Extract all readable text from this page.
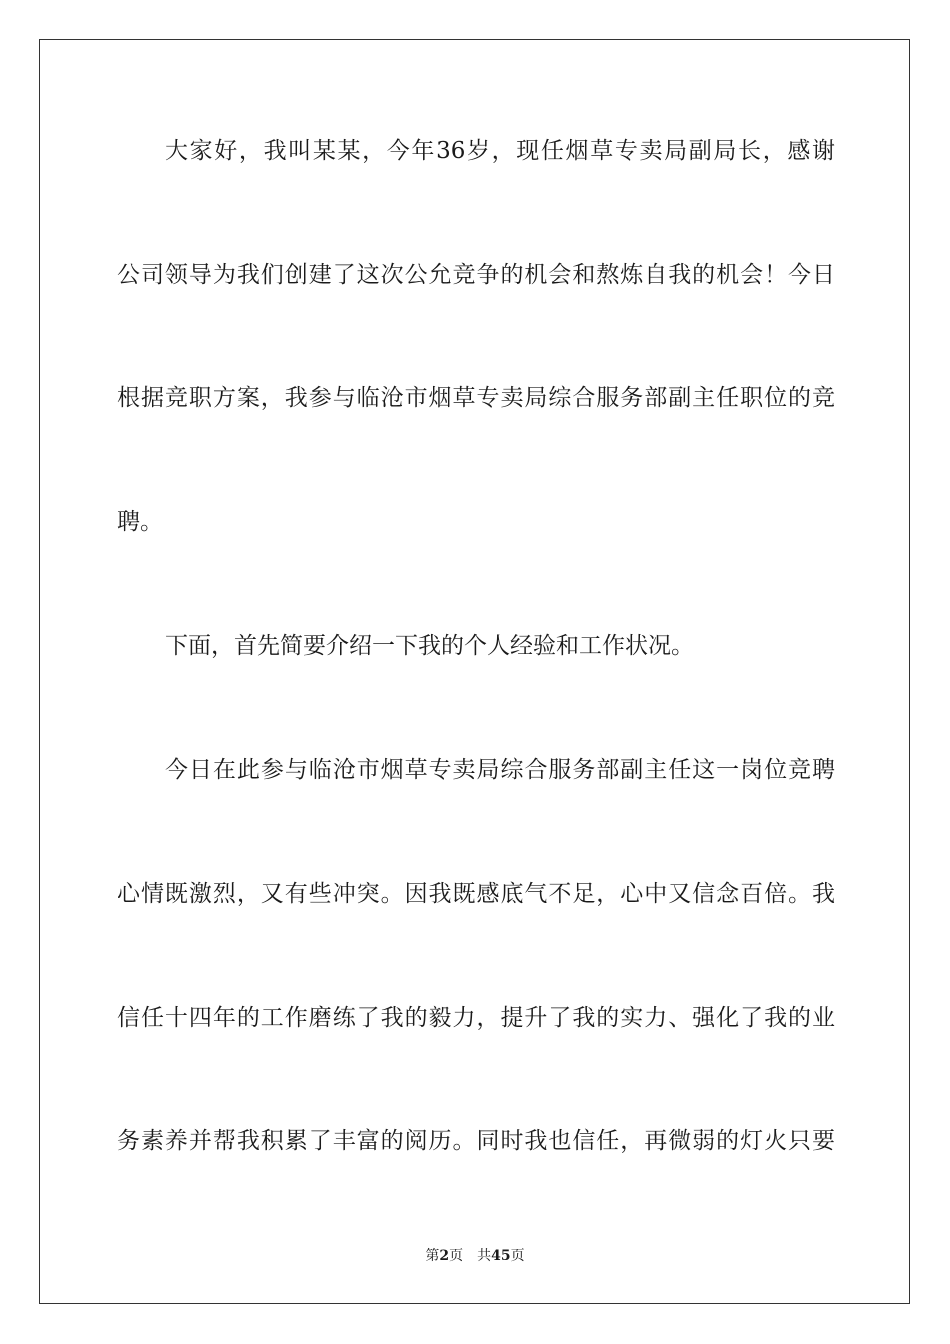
大家好，我叫某某，今年36岁，现任烟草专卖局副局长，感谢
公司领导为我们创建了这次公允竞争的机会和熬炼自我的机会！今日
根据竞职方案，我参与临沧市烟草专卖局综合服务部副主任职位的竞
聘。
下面，首先简要介绍一下我的个人经验和工作状况。
今日在此参与临沧市烟草专卖局综合服务部副主任这一岗位竞聘
心情既激烈，又有些冲突。因我既感底气不足，心中又信念百倍。我
信任十四年的工作磨练了我的毅力，提升了我的实力、强化了我的业
务素养并帮我积累了丰富的阅历。同时我也信任，再微弱的灯火只要
第2页 共45页
